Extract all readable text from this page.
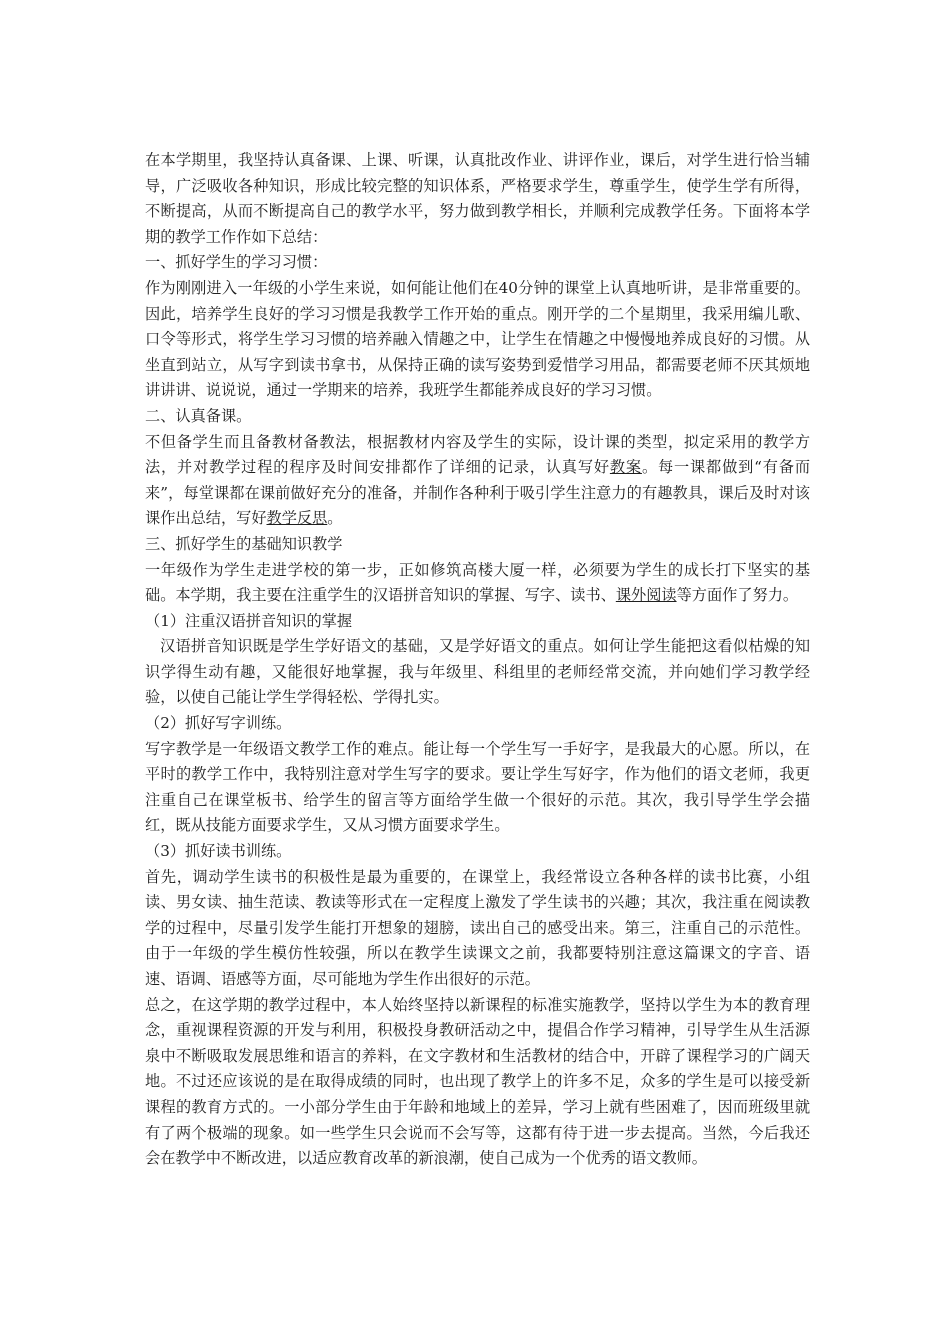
在本学期里，我坚持认真备课、上课、听课，认真批改作业、讲评作业，课后，对学生进行恰当辅导，广泛吸收各种知识，形成比较完整的知识体系，严格要求学生，尊重学生，使学生学有所得，不断提高，从而不断提高自己的教学水平，努力做到教学相长，并顺利完成教学任务。下面将本学期的教学工作作如下总结：

一、抓好学生的学习习惯：

作为刚刚进入一年级的小学生来说，如何能让他们在40分钟的课堂上认真地听讲，是非常重要的。因此，培养学生良好的学习习惯是我教学工作开始的重点。刚开学的二个星期里，我采用编儿歌、口令等形式，将学生学习习惯的培养融入情趣之中，让学生在情趣之中慢慢地养成良好的习惯。从坐直到站立，从写字到读书拿书，从保持正确的读写姿势到爱惜学习用品，都需要老师不厌其烦地讲讲讲、说说说，通过一学期来的培养，我班学生都能养成良好的学习习惯。

二、认真备课。

不但备学生而且备教材备教法，根据教材内容及学生的实际，设计课的类型，拟定采用的教学方法，并对教学过程的程序及时间安排都作了详细的记录，认真写好教案。每一课都做到“有备而来”，每堂课都在课前做好充分的准备，并制作各种利于吸引学生注意力的有趣教具，课后及时对该课作出总结，写好教学反思。

三、抓好学生的基础知识教学

一年级作为学生走进学校的第一步，正如修筑高楼大厦一样，必须要为学生的成长打下坚实的基础。本学期，我主要在注重学生的汉语拼音知识的掌握、写字、读书、课外阅读等方面作了努力。

（1）注重汉语拼音知识的掌握

汉语拼音知识既是学生学好语文的基础，又是学好语文的重点。如何让学生能把这看似枯燥的知识学得生动有趣，又能很好地掌握，我与年级里、科组里的老师经常交流，并向她们学习教学经验，以使自己能让学生学得轻松、学得扎实。

（2）抓好写字训练。

写字教学是一年级语文教学工作的难点。能让每一个学生写一手好字，是我最大的心愿。所以，在平时的教学工作中，我特别注意对学生写字的要求。要让学生写好字，作为他们的语文老师，我更注重自己在课堂板书、给学生的留言等方面给学生做一个很好的示范。其次，我引导学生学会描红，既从技能方面要求学生，又从习惯方面要求学生。

（3）抓好读书训练。

首先，调动学生读书的积极性是最为重要的，在课堂上，我经常设立各种各样的读书比赛，小组读、男女读、抽生范读、教读等形式在一定程度上激发了学生读书的兴趣；其次，我注重在阅读教学的过程中，尽量引发学生能打开想象的翅膀，读出自己的感受出来。第三，注重自己的示范性。由于一年级的学生模仿性较强，所以在教学生读课文之前，我都要特别注意这篇课文的字音、语速、语调、语感等方面，尽可能地为学生作出很好的示范。

总之，在这学期的教学过程中，本人始终坚持以新课程的标准实施教学，坚持以学生为本的教育理念，重视课程资源的开发与利用，积极投身教研活动之中，提倡合作学习精神，引导学生从生活源泉中不断吸取发展思维和语言的养料，在文字教材和生活教材的结合中，开辟了课程学习的广阔天地。不过还应该说的是在取得成绩的同时，也出现了教学上的许多不足，众多的学生是可以接受新课程的教育方式的。一小部分学生由于年龄和地域上的差异，学习上就有些困难了，因而班级里就有了两个极端的现象。如一些学生只会说而不会写等，这都有待于进一步去提高。当然，今后我还会在教学中不断改进，以适应教育改革的新浪潮，使自己成为一个优秀的语文教师。
